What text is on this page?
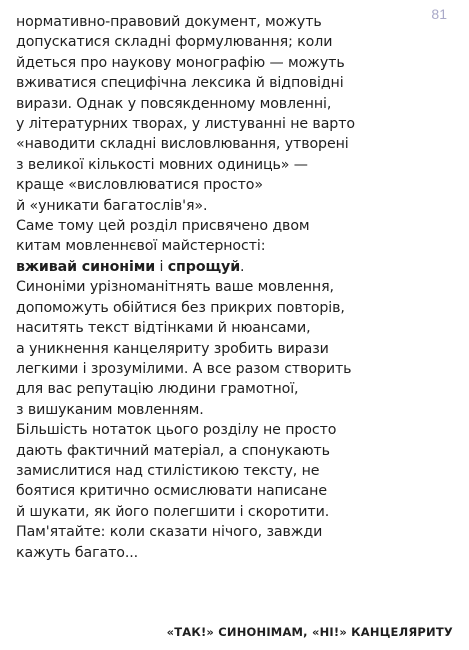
81
нормативно-правовий документ, можуть
допускатися складні формулювання; коли
йдеться про наукову монографію — можуть
вживатися специфічна лексика й відповідні
вирази. Однак у повсякденному мовленні,
у літературних творах, у листуванні не варто
«наводити складні висловлювання, утворені
з великої кількості мовних одиниць» —
краще «висловлюватися просто»
й «уникати багатослів'я».
Саме тому цей розділ присвячено двом
китам мовленнєвої майстерності:
вживай синоніми і спрощуй.
Синоніми урізноманітнять ваше мовлення,
допоможуть обійтися без прикрих повторів,
наситять текст відтінками й нюансами,
а уникнення канцеляриту зробить вирази
легкими і зрозумілими. А все разом створить
для вас репутацію людини грамотної,
з вишуканим мовленням.
Більшість нотаток цього розділу не просто
дають фактичний матеріал, а спонукають
замислитися над стилістикою тексту, не
боятися критично осмислювати написане
й шукати, як його полегшити і скоротити.
Пам'ятайте: коли сказати нічого, завжди
кажуть багато...
«ТАК!» СИНОНІМАМ, «НІ!» КАНЦЕЛЯРИТУ
